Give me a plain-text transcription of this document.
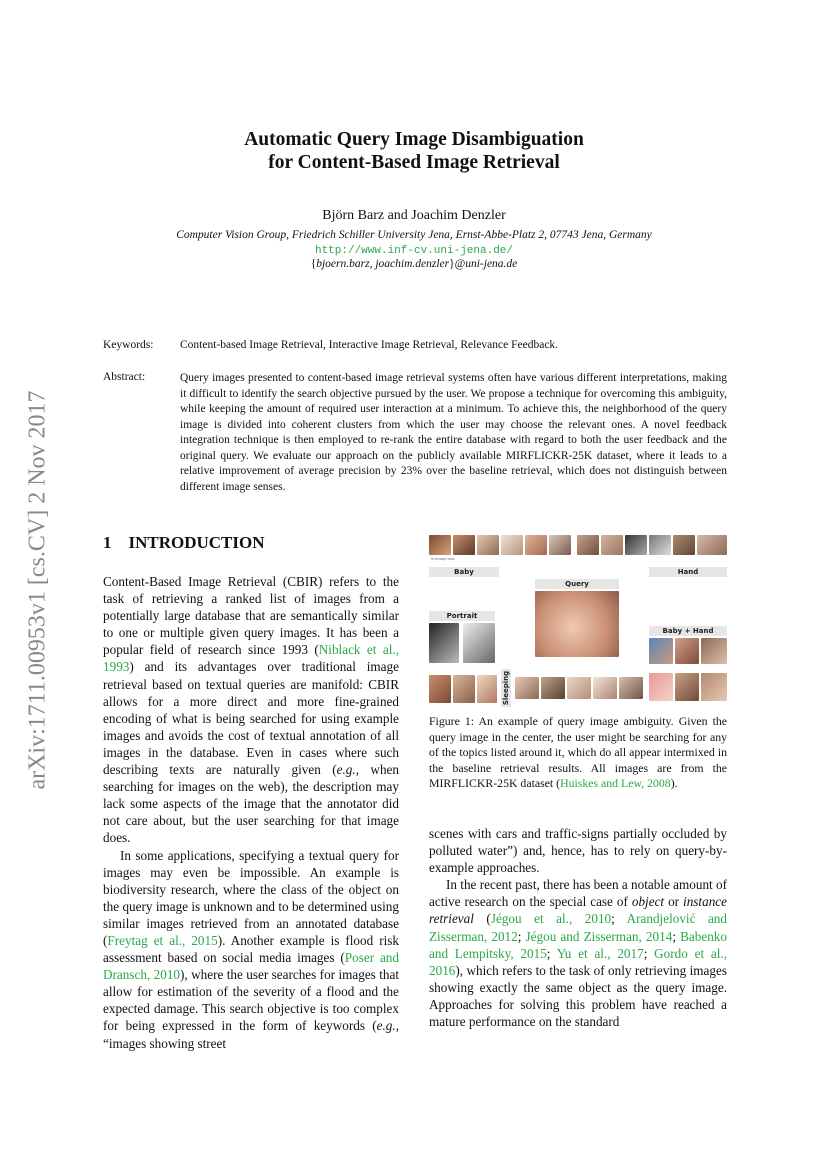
arXiv:1711.00953v1 [cs.CV] 2 Nov 2017
Automatic Query Image Disambiguation
for Content-Based Image Retrieval
Björn Barz and Joachim Denzler
Computer Vision Group, Friedrich Schiller University Jena, Ernst-Abbe-Platz 2, 07743 Jena, Germany
http://www.inf-cv.uni-jena.de/
{bjoern.barz, joachim.denzler}@uni-jena.de
Keywords: Content-based Image Retrieval, Interactive Image Retrieval, Relevance Feedback.
Abstract:	Query images presented to content-based image retrieval systems often have various different interpretations, making it difficult to identify the search objective pursued by the user. We propose a technique for overcoming this ambiguity, while keeping the amount of required user interaction at a minimum. To achieve this, the neighborhood of the query image is divided into coherent clusters from which the user may choose the relevant ones. A novel feedback integration technique is then employed to re-rank the entire database with regard to both the user feedback and the original query. We evaluate our approach on the publicly available MIRFLICKR-25K dataset, where it leads to a relative improvement of average precision by 23% over the baseline retrieval, which does not distinguish between different image senses.
1 INTRODUCTION

Content-Based Image Retrieval (CBIR) refers to the task of retrieving a ranked list of images from a potentially large database that are semantically similar to one or multiple given query images. It has been a popular field of research since 1993 (Niblack et al., 1993) and its advantages over traditional image retrieval based on textual queries are manifold: CBIR allows for a more direct and more fine-grained encoding of what is being searched for using example images and avoids the cost of textual annotation of all images in the database. Even in cases where such describing texts are naturally given (e.g., when searching for images on the web), the description may lack some aspects of the image that the annotator did not care about, but the user searching for that image does.

In some applications, specifying a textual query for images may even be impossible. An example is biodiversity research, where the class of the object on the query image is unknown and to be determined using similar images retrieved from an annotated database (Freytag et al., 2015). Another example is flood risk assessment based on social media images (Poser and Dransch, 2010), where the user searches for images that allow for estimation of the severity of a flood and the expected damage. This search objective is too complex for being expressed in the form of keywords (e.g., “images showing street

in-image text
Baby	Hand
Query
Portrait
Baby + Hand
Sleeping
Figure 1: An example of query image ambiguity. Given the query image in the center, the user might be searching for any of the topics listed around it, which do all appear intermixed in the baseline retrieval results. All images are from the MIRFLICKR-25K dataset (Huiskes and Lew, 2008).

scenes with cars and traffic-signs partially occluded by polluted water”) and, hence, has to rely on query-by-example approaches.

In the recent past, there has been a notable amount of active research on the special case of object or instance retrieval (Jégou et al., 2010; Arandjelović and Zisserman, 2012; Jégou and Zisserman, 2014; Babenko and Lempitsky, 2015; Yu et al., 2017; Gordo et al., 2016), which refers to the task of only retrieving images showing exactly the same object as the query image. Approaches for solving this problem have reached a mature performance on the standard
